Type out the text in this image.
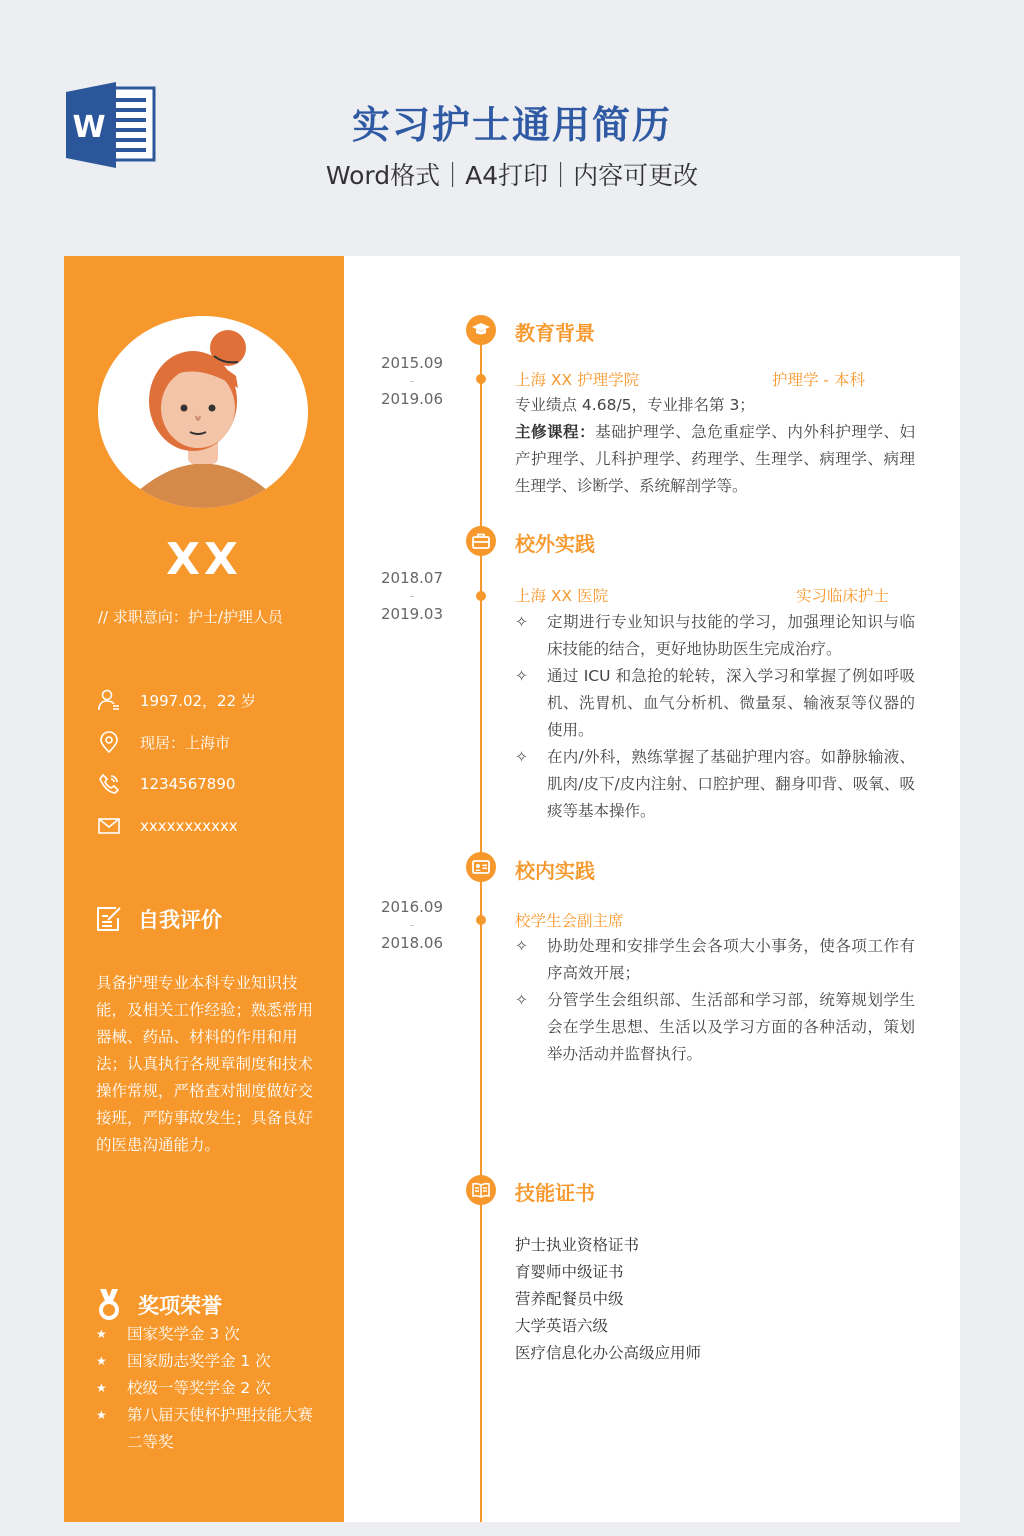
W	实习护士通用简历
Word格式｜A4打印｜内容可更改
XX
// 求职意向：护士/护理人员
1997.02，22 岁
现居：上海市
1234567890
xxxxxxxxxxx
自我评价
具备护理专业本科专业知识技能，及相关工作经验；熟悉常用器械、药品、材料的作用和用法；认真执行各规章制度和技术操作常规，严格查对制度做好交接班，严防事故发生；具备良好的医患沟通能力。
奖项荣誉
★ 国家奖学金 3 次
★ 国家励志奖学金 1 次
★ 校级一等奖学金 2 次
★ 第八届天使杯护理技能大赛二等奖
教育背景
2015.09
-
2019.06
上海 XX 护理学院	护理学 - 本科
专业绩点 4.68/5，专业排名第 3；
主修课程：基础护理学、急危重症学、内外科护理学、妇产护理学、儿科护理学、药理学、生理学、病理学、病理生理学、诊断学、系统解剖学等。
校外实践
2018.07
-
2019.03
上海 XX 医院	实习临床护士
✧ 定期进行专业知识与技能的学习，加强理论知识与临床技能的结合，更好地协助医生完成治疗。
✧ 通过 ICU 和急抢的轮转，深入学习和掌握了例如呼吸机、洗胃机、血气分析机、微量泵、输液泵等仪器的使用。
✧ 在内/外科，熟练掌握了基础护理内容。如静脉输液、肌肉/皮下/皮内注射、口腔护理、翻身叩背、吸氧、吸痰等基本操作。
校内实践
2016.09
-
2018.06
校学生会副主席
✧ 协助处理和安排学生会各项大小事务，使各项工作有序高效开展；
✧ 分管学生会组织部、生活部和学习部，统筹规划学生会在学生思想、生活以及学习方面的各种活动，策划举办活动并监督执行。
技能证书
护士执业资格证书
育婴师中级证书
营养配餐员中级
大学英语六级
医疗信息化办公高级应用师
